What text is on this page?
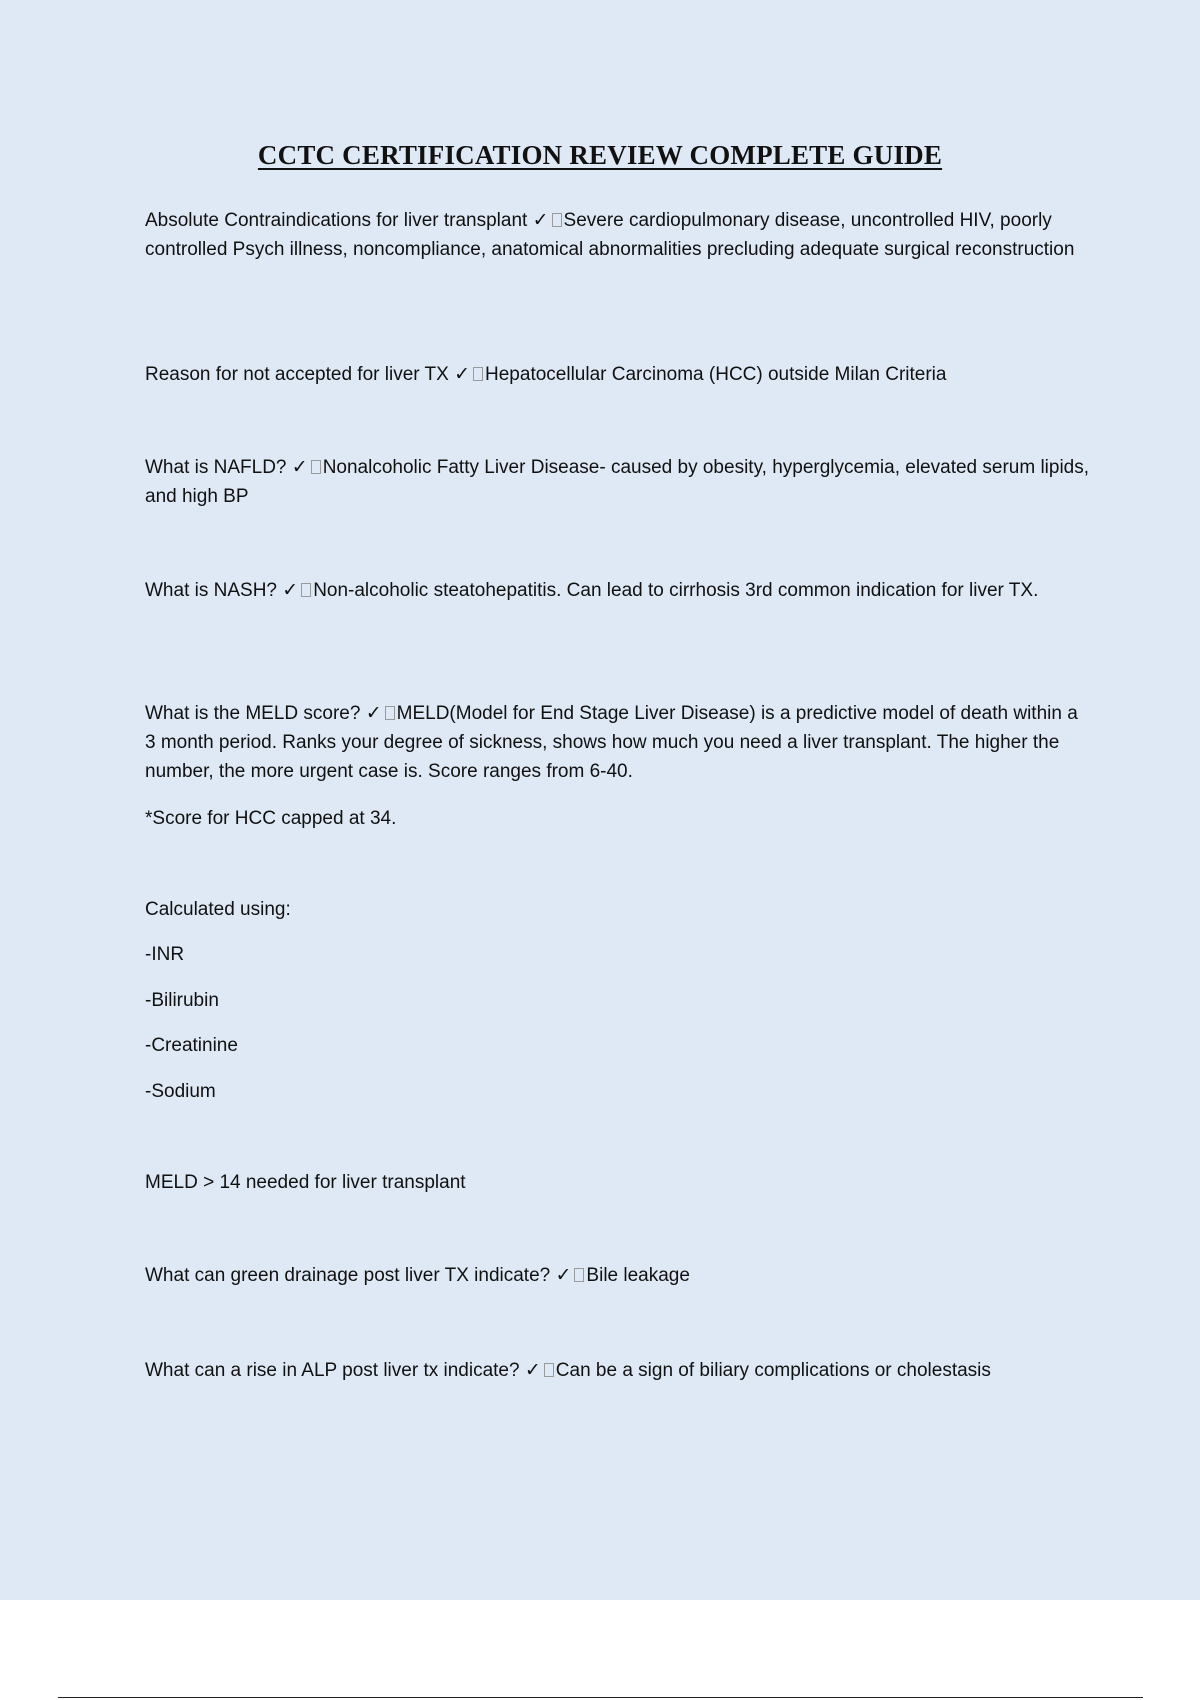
CCTC CERTIFICATION REVIEW COMPLETE GUIDE

Absolute Contraindications for liver transplant ✓ Severe cardiopulmonary disease, uncontrolled HIV, poorly controlled Psych illness, noncompliance, anatomical abnormalities precluding adequate surgical reconstruction

Reason for not accepted for liver TX ✓ Hepatocellular Carcinoma (HCC) outside Milan Criteria

What is NAFLD? ✓ Nonalcoholic Fatty Liver Disease- caused by obesity, hyperglycemia, elevated serum lipids, and high BP

What is NASH? ✓ Non-alcoholic steatohepatitis. Can lead to cirrhosis 3rd common indication for liver TX.

What is the MELD score? ✓ MELD(Model for End Stage Liver Disease) is a predictive model of death within a 3 month period. Ranks your degree of sickness, shows how much you need a liver transplant. The higher the number, the more urgent case is. Score ranges from 6-40.

*Score for HCC capped at 34.

Calculated using:

-INR

-Bilirubin

-Creatinine

-Sodium

MELD > 14 needed for liver transplant

What can green drainage post liver TX indicate? ✓ Bile leakage

What can a rise in ALP post liver tx indicate? ✓ Can be a sign of biliary complications or cholestasis
